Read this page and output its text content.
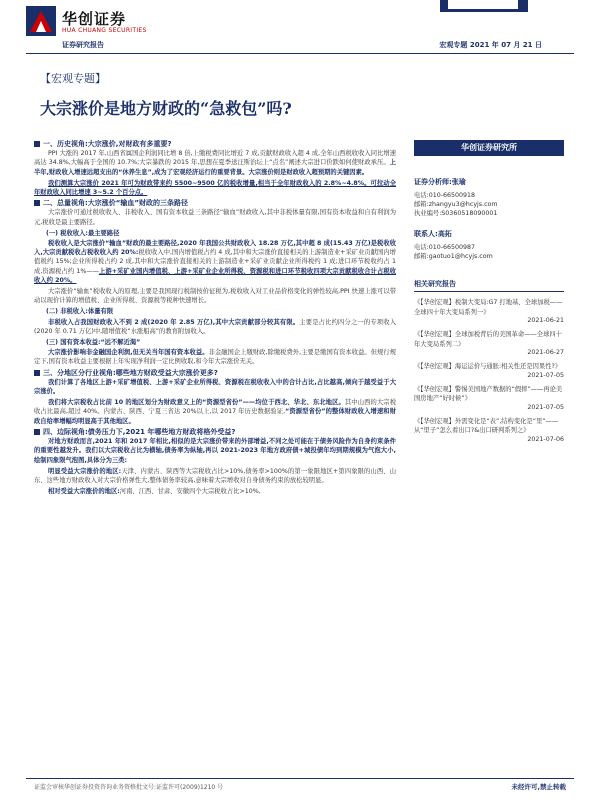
华创证券
HUA CHUANG SECURITIES
证券研究报告	宏观专题 2021 年 07 月 21 日
【宏观专题】
大宗涨价是地方财政的“急救包”吗?
一、历史视角:大宗涨价,对财政有多重要?
PPI 大涨的 2017 年,山西省属国企利润同比增 8 倍,上缴税费同比增近 7 成,贡献财政收入超 4 成,全年山西税收收入同比增速高达 34.8%,大幅高于全国的 10.7%;大宗暴跌的 2015 年,思想在夏季送汪斯治坛上“点名”阐述大宗进口价跌如何使财政承压。上半年,财政收入增速远超支出的“休养生息”,成为了宏观经济运行的重要背景。大宗涨价则是财政收入超预期的关键因素。
我们测算大宗涨价 2021 年可为财政带来约 5500~9500 亿的税收增量,相当于全年财政收入的 2.8%~4.8%。可拉动全年财政收入同比增速 3~5.2 个百分点。
二、总量视角:大宗涨价“输血”财政的三条路径
大宗涨价可通过税收收入、非税收入、国有资本收益三条路径“输血”财政收入,其中非税体量有限,国有资本收益和自有利润为元,税收是最主要路径。
(一) 税收收入:最主要路径
税收收入是大宗涨价“输血”财政的最主要路径,2020 年我国公共财政收入 18.28 万亿,其中超 8 成(15.43 万亿)是税收收入,大宗贡献税收占税收收入约 20%:税收收入中,国内增值税占约 4 成,其中和大宗涨价直接相关的上游制造业+采矿业贡献国内增值税约 15%;企业所得税占约 2 成,其中和大宗涨价直接相关的上游制造业+采矿业贡献企业所得税约 1 成;进口环节税收约占 1 成,资源税占约 1%——上游+采矿业国内增值税、上游+采矿业企业所得税、资源税和进口环节税收四项大宗贡献税收合计占税收收入约 20%。
大宗涨价“输血”税收收入的原理,主要是我国现行税制按价征税为,税收收入对工业品价格变化的弹性较高,PPI 快速上涨可以带动以现价计算的增值税、企业所得税、资源税等税种快速增长。
(二) 非税收入:体量有限
非税收入占我国财政收入不到 2 成(2020 年 2.85 万亿),其中大宗贡献部分较其有限。主要是占比约四分之一的专项收入(2020 年 0.71 万亿)中,随增值税“水涨船高”的教育附加收入。
(三) 国有资本收益:“远不解近渴”
大宗涨价影响非金融国企利润,但无关当年国有资本收益。非金融国企上缴财政,除缴税费外,主要是缴国有资本收益。但规行规定下,国有资本收益主要根据上年实现净利润一定比例收取,和今年大宗涨价无关。
三、分地区分行业视角:哪些地方财政受益大宗涨价更多?
我们计算了各地区上游+采矿增值税、上游+采矿企业所得税、资源税在税收收入中的合计占比,占比越高,倾向于越受益于大宗涨价。
我们将大宗税收占比前 10 的地区划分为财政意义上的“资源型省份”——均位于西北、华北、东北地区。其中山西的大宗税收占比最高,超过 40%。内蒙古、陕西、宁夏三省达 20%以上,以 2017 年历史数据验证,“资源型省份”的整体财政收入增速和财政自给率增幅均明显高于其他地区。
四、边际视角:债务压力下,2021 年哪些地方财政将格外受益?
对地方财政而言,2021 年和 2017 年相比,相似的是大宗涨价带来的外部增益,不同之处可能在于债务风险作为自身约束条件的重要性越发升。我们以大宗税收占比为横轴,债务率为纵轴,再以 2021-2023 年地方政府债+城投债年均到期规模为气泡大小,绘制四象限气泡图,具体分为三类:
明显受益大宗涨价的地区:天津、内蒙古、陕西等大宗税收占比>10%,债务率>100%的第一象限地区+第四象限的山西、山东、这些地方财政收入对大宗价格弹性大,整体债务率较高,意味着大宗增收对自身债务约束的放松较明显。
相对受益大宗涨价的地区:河南、江西、甘肃、安徽四个大宗税收占比>10%,
华创证券研究所
证券分析师:张瑜
电话:010-66500918
邮箱:zhangyu3@hcyjs.com
执业编号:S0360518090001
联系人:高拓
电话:010-66500987
邮箱:gaotuo1@hcyjs.com
相关研究报告
《【华创宏观】税制大变局:G7 打地基、全球加税——全球四十年大变局系列一》
2021-06-21
《【华创宏观】全球加税背后的美国革命——全球四十年大变局系列二》
2021-06-27
《【华创宏观】海运运价与通胀:相关性还是因果性?》
2021-07-05
《【华创宏观】警惕美国地产数据的“假摔”——再论美国房地产“好时候”》
2021-07-05
《【华创宏观】外需变化是“表”,结构变化是“里”——从“里子”怎么看出口?&出口研判系列之》
2021-07-06
证监会审核华创证券投资咨询业务资格批文号:证监许可(2009)1210 号	未经许可,禁止转载
